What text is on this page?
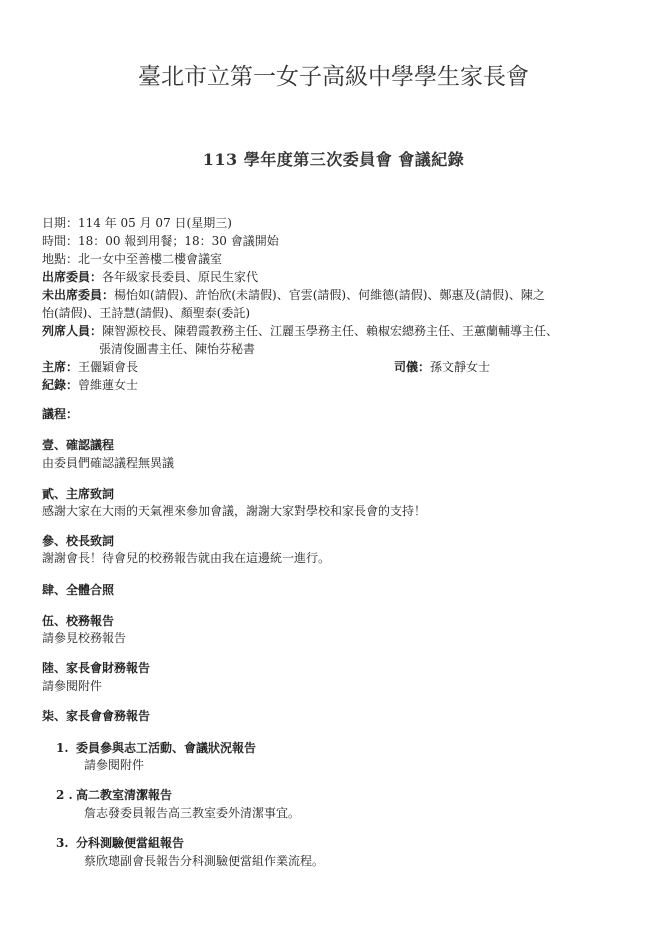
臺北市立第一女子高級中學學生家長會
113 學年度第三次委員會 會議紀錄
日期：114 年 05 月 07 日(星期三)
時間：18：00 報到用餐；18：30 會議開始
地點：北一女中至善樓二樓會議室
出席委員：各年級家長委員、原民生家代
未出席委員：楊怡如(請假)、許怡欣(未請假)、官雲(請假)、何維德(請假)、鄭惠及(請假)、陳之
怡(請假)、王詩慧(請假)、顏聖泰(委託)
列席人員：陳智源校長、陳碧霞教務主任、江麗玉學務主任、賴椒宏總務主任、王蕙蘭輔導主任、
張清俊圖書主任、陳怡芬秘書
主席：王儷穎會長	司儀：孫文靜女士
紀錄：曾維蓮女士
議程：
壹、確認議程
由委員們確認議程無異議
貳、主席致詞
感謝大家在大雨的天氣裡來參加會議，謝謝大家對學校和家長會的支持！
參、校長致詞
謝謝會長！待會兒的校務報告就由我在這邊統一進行。
肆、全體合照
伍、校務報告
請參見校務報告
陸、家長會財務報告
請參閱附件
柒、家長會會務報告
1. 委員參與志工活動、會議狀況報告
請參閱附件
2 . 高二教室清潔報告
詹志發委員報告高三教室委外清潔事宜。
3. 分科測驗便當組報告
蔡欣璁副會長報告分科測驗便當組作業流程。
